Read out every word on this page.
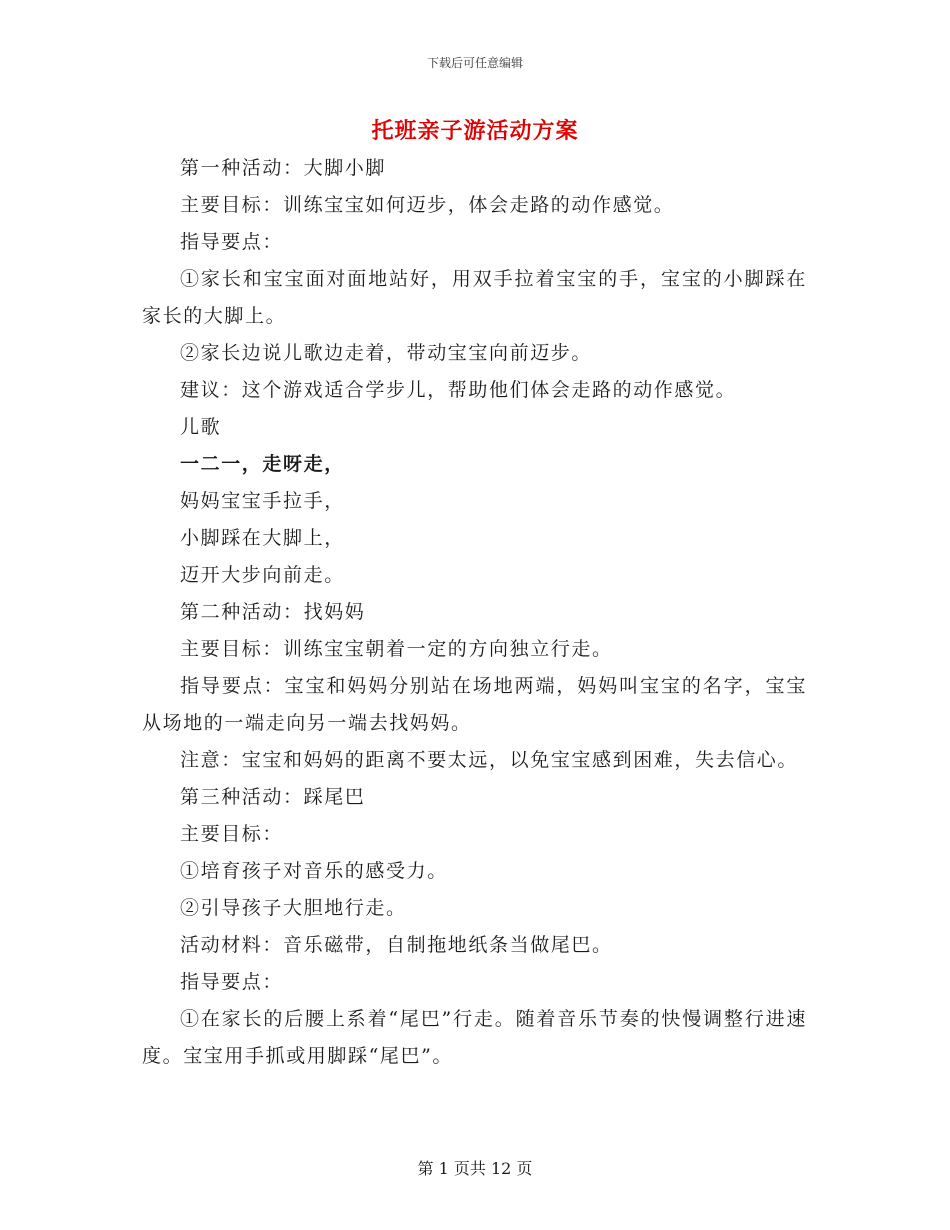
下载后可任意编辑
托班亲子游活动方案

第一种活动：大脚小脚

主要目标：训练宝宝如何迈步，体会走路的动作感觉。

指导要点：

①家长和宝宝面对面地站好，用双手拉着宝宝的手，宝宝的小脚踩在家长的大脚上。

②家长边说儿歌边走着，带动宝宝向前迈步。

建议：这个游戏适合学步儿，帮助他们体会走路的动作感觉。

儿歌

一二一，走呀走，

妈妈宝宝手拉手，

小脚踩在大脚上，

迈开大步向前走。

第二种活动：找妈妈

主要目标：训练宝宝朝着一定的方向独立行走。

指导要点：宝宝和妈妈分别站在场地两端，妈妈叫宝宝的名字，宝宝从场地的一端走向另一端去找妈妈。

注意：宝宝和妈妈的距离不要太远，以免宝宝感到困难，失去信心。

第三种活动：踩尾巴

主要目标：

①培育孩子对音乐的感受力。

②引导孩子大胆地行走。

活动材料：音乐磁带，自制拖地纸条当做尾巴。

指导要点：

①在家长的后腰上系着“尾巴”行走。随着音乐节奏的快慢调整行进速度。宝宝用手抓或用脚踩“尾巴”。

第 1 页共 12 页
